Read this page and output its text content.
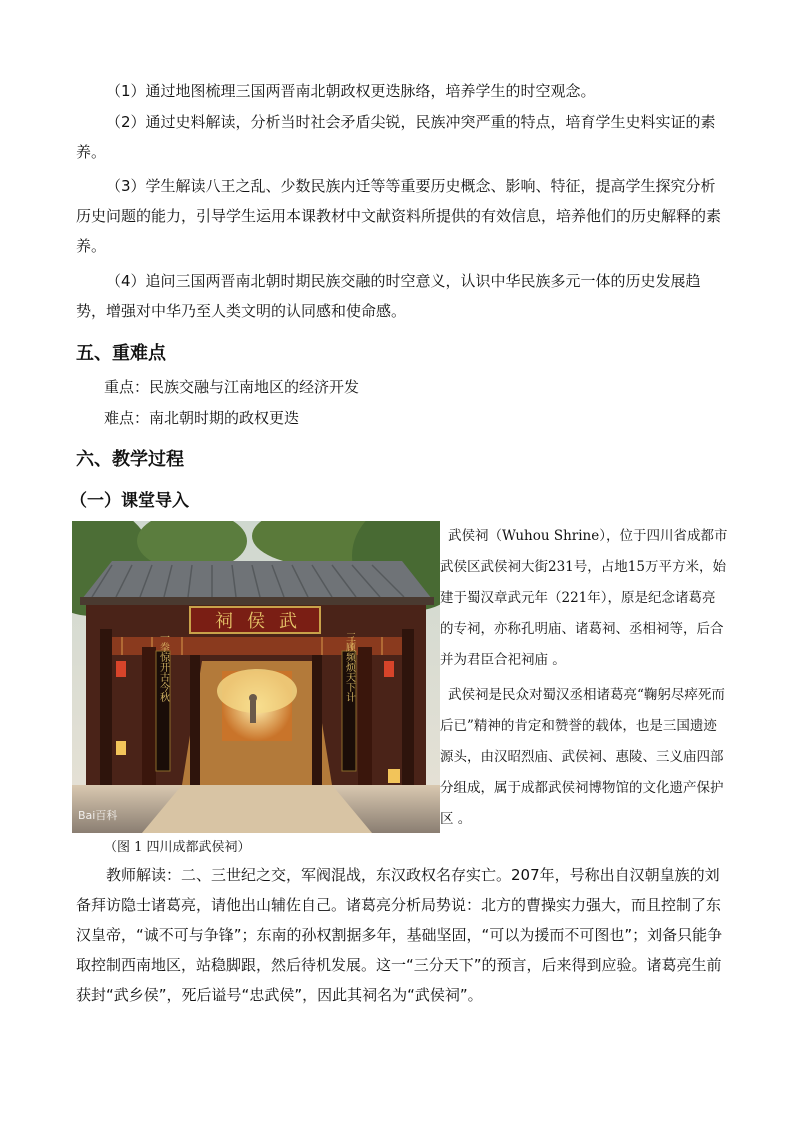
（1）通过地图梳理三国两晋南北朝政权更迭脉络，培养学生的时空观念。

（2）通过史料解读，分析当时社会矛盾尖锐，民族冲突严重的特点，培育学生史料实证的素养。

（3）学生解读八王之乱、少数民族内迁等等重要历史概念、影响、特征，提高学生探究分析历史问题的能力，引导学生运用本课教材中文献资料所提供的有效信息，培养他们的历史解释的素养。

（4）追问三国两晋南北朝时期民族交融的时空意义，认识中华民族多元一体的历史发展趋势，增强对中华乃至人类文明的认同感和使命感。

五、重难点

重点：民族交融与江南地区的经济开发

难点：南北朝时期的政权更迭

六、教学过程
（一）课堂导入
祠 侯 武
一拳惊开古今秋	三顾频烦天下计
Bai百科

武侯祠（Wuhou Shrine），位于四川省成都市武侯区武侯祠大街231号，占地15万平方米，始建于蜀汉章武元年（221年），原是纪念诸葛亮的专祠，亦称孔明庙、诸葛祠、丞相祠等，后合并为君臣合祀祠庙 。

武侯祠是民众对蜀汉丞相诸葛亮“鞠躬尽瘁死而后已”精神的肯定和赞誉的载体，也是三国遗迹源头，由汉昭烈庙、武侯祠、惠陵、三义庙四部分组成，属于成都武侯祠博物馆的文化遗产保护区 。

（图 1 四川成都武侯祠）

教师解读：二、三世纪之交，军阀混战，东汉政权名存实亡。207年，号称出自汉朝皇族的刘备拜访隐士诸葛亮，请他出山辅佐自己。诸葛亮分析局势说：北方的曹操实力强大，而且控制了东汉皇帝，“诚不可与争锋”；东南的孙权割据多年，基础坚固，“可以为援而不可图也”；刘备只能争取控制西南地区，站稳脚跟，然后待机发展。这一“三分天下”的预言，后来得到应验。诸葛亮生前获封“武乡侯”，死后谥号“忠武侯”，因此其祠名为“武侯祠”。
